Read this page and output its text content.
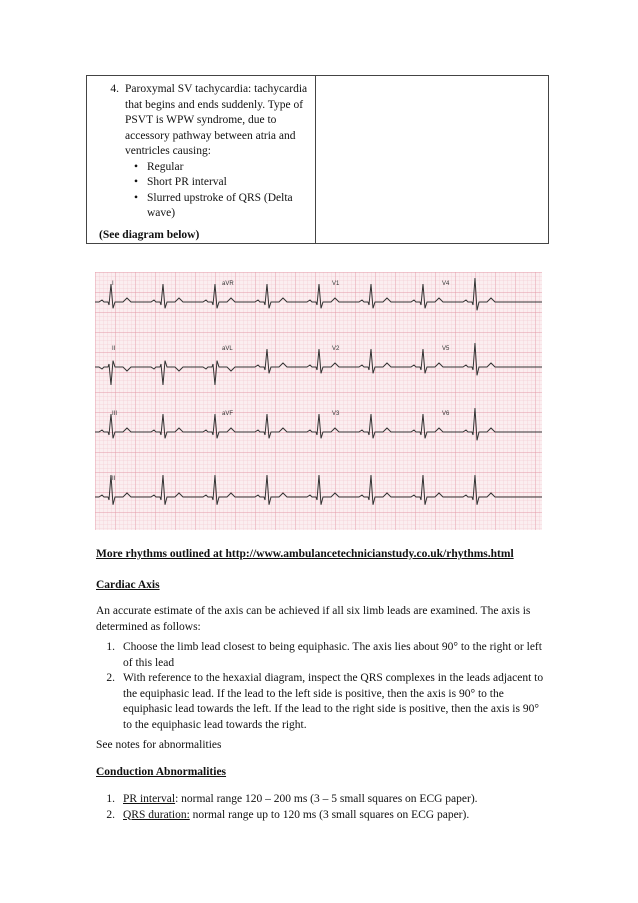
4. Paroxymal SV tachycardia: tachycardia that begins and ends suddenly. Type of PSVT is WPW syndrome, due to accessory pathway between atria and ventricles causing:
• Regular
• Short PR interval
• Slurred upstroke of QRS (Delta wave)
(See diagram below)
I	aVR	V1	V4
II	aVL	V2	V5
III	aVF	V3	V6
II
More rhythms outlined at http://www.ambulancetechnicianstudy.co.uk/rhythms.html
Cardiac Axis
An accurate estimate of the axis can be achieved if all six limb leads are examined. The axis is determined as follows:
1. Choose the limb lead closest to being equiphasic. The axis lies about 90° to the right or left of this lead
2. With reference to the hexaxial diagram, inspect the QRS complexes in the leads adjacent to the equiphasic lead. If the lead to the left side is positive, then the axis is 90° to the equiphasic lead towards the left. If the lead to the right side is positive, then the axis is 90° to the equiphasic lead towards the right.
See notes for abnormalities
Conduction Abnormalities
1. PR interval: normal range 120 – 200 ms (3 – 5 small squares on ECG paper).
2. QRS duration: normal range up to 120 ms (3 small squares on ECG paper).
